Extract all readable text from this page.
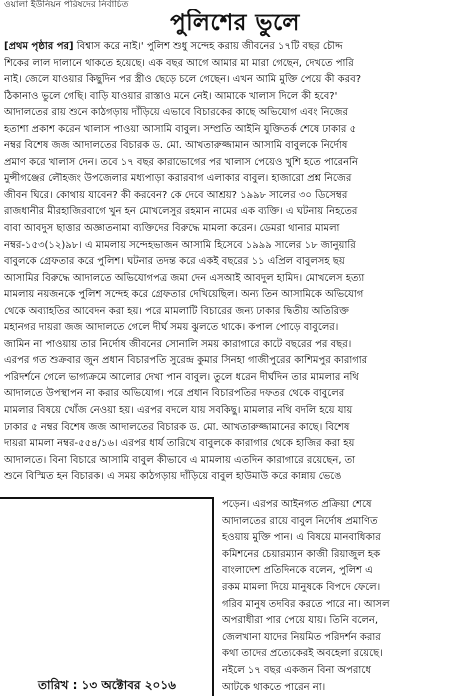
ওয়ালা ইউনিয়ন পরিষদের নির্বাচিত
পুলিশের ভুলে
[প্রথম পৃষ্ঠার পর] বিশ্বাস করে নাই।' পুলিশ শুধু সন্দেহ করায় জীবনের ১৭টি বছর চৌদ্দ
শিকের লাল দালানে থাকতে হয়েছে। এক বছর আগে আমার মা মারা গেছেন, দেখতে পারি
নাই। জেলে যাওয়ার কিছুদিন পর স্ত্রীও ছেড়ে চলে গেছেন। এখন আমি মুক্তি পেয়ে কী করব?
ঠিকানাও ভুলে গেছি। বাড়ি যাওয়ার রাস্তাও মনে নেই। আমাকে খালাস দিলে কী হবে?'
আদালতের রায় শুনে কাঠগড়ায় দাঁড়িয়ে এভাবে বিচারকের কাছে অভিযোগ এবং নিজের
হতাশা প্রকাশ করেন খালাস পাওয়া আসামি বাবুল। সম্প্রতি আইনি যুক্তিতর্ক শেষে ঢাকার ৫
নম্বর বিশেষ জজ আদালতের বিচারক ড. মো. আখতারুজ্জামান আসামি বাবুলকে নির্দোষ
প্রমাণ করে খালাস দেন। তবে ১৭ বছর কারাভোগের পর খালাস পেয়েও খুশি হতে পারেননি
মুন্সীগঞ্জের লৌহজং উপজেলার মধ্যপাড়া করারবাগ এলাকার বাবুল। হাজারো প্রশ্ন নিজের
জীবন ঘিরে। কোথায় যাবেন? কী করবেন? কে দেবে আশ্রয়? ১৯৯৮ সালের ৩০ ডিসেম্বর
রাজধানীর মীরহাজিরবাগে খুন হন মোখলেসুর রহমান নামের এক ব্যক্তি। এ ঘটনায় নিহতের
বাবা আবদুস ছাত্তার অজ্ঞাতনামা ব্যক্তিদের বিরুদ্ধে মামলা করেন। ডেমরা থানার মামলা
নম্বর-১৫৩(১২)৯৮। এ মামলায় সন্দেহভাজন আসামি হিসেবে ১৯৯৯ সালের ১৮ জানুয়ারি
বাবুলকে গ্রেফতার করে পুলিশ। ঘটনার তদন্ত করে একই বছরের ১১ এপ্রিল বাবুলসহ ছয়
আসামির বিরুদ্ধে আদালতে অভিযোগপত্র জমা দেন এসআই আবদুল হামিদ। মোখলেস হত্যা
মামলায় নয়জনকে পুলিশ সন্দেহ করে গ্রেফতার দেখিয়েছিল। অন্য তিন আসামিকে অভিযোগ
থেকে অব্যাহতির আবেদন করা হয়। পরে মামলাটি বিচারের জন্য ঢাকার দ্বিতীয় অতিরিক্ত
মহানগর দায়রা জজ আদালতে গেলে দীর্ঘ সময় ঝুলতে থাকে। কপাল পোড়ে বাবুলের।
জামিন না পাওয়ায় তার নির্দোষ জীবনের সোনালি সময় কারাগারে কাটে বছরের পর বছর।
এরপর গত শুক্রবার জুন প্রধান বিচারপতি সুরেন্দ্র কুমার সিনহা গাজীপুরের কাশিমপুর কারাগার
পরিদর্শনে গেলে ভাগ্যক্রমে আলোর দেখা পান বাবুল। তুলে ধরেন দীর্ঘদিন তার মামলার নথি
আদালতে উপস্থাপন না করার অভিযোগ। পরে প্রধান বিচারপতির দফতর থেকে বাবুলের
মামলার বিষয়ে খোঁজ নেওয়া হয়। এরপর বদলে যায় সবকিছু। মামলার নথি বদলি হয়ে যায়
ঢাকার ৫ নম্বর বিশেষ জজ আদালতের বিচারক ড. মো. আখতারুজ্জামানের কাছে। বিশেষ
দায়রা মামলা নম্বর-৫৫৪/১৬। এরপর ধার্য তারিখে বাবুলকে কারাগার থেকে হাজির করা হয়
আদালতে। বিনা বিচারে আসামি বাবুল কীভাবে এ মামলায় এতদিন কারাগারে রয়েছেন, তা
শুনে বিস্মিত হন বিচারক। এ সময় কাঠগড়ায় দাঁড়িয়ে বাবুল হাউমাউ করে কান্নায় ভেঙে
তারিখ : ১৩ অক্টোবর ২০১৬
পড়েন। এরপর আইনগত প্রক্রিয়া শেষে
আদালতের রায়ে বাবুল নির্দোষ প্রমাণিত
হওয়ায় মুক্তি পান। এ বিষয়ে মানবাধিকার
কমিশনের চেয়ারম্যান কাজী রিয়াজুল হক
বাংলাদেশ প্রতিদিনকে বলেন, পুলিশ এ
রকম মামলা দিয়ে মানুষকে বিপদে ফেলে।
গরিব মানুষ তদবির করতে পারে না। আসল
অপরাধীরা পার পেয়ে যায়। তিনি বলেন,
জেলখানা যাদের নিয়মিত পরিদর্শন করার
কথা তাদের প্রত্যেকেরই অবহেলা রয়েছে।
নইলে ১৭ বছর একজন বিনা অপরাধে
আটকে থাকতে পারেন না।
